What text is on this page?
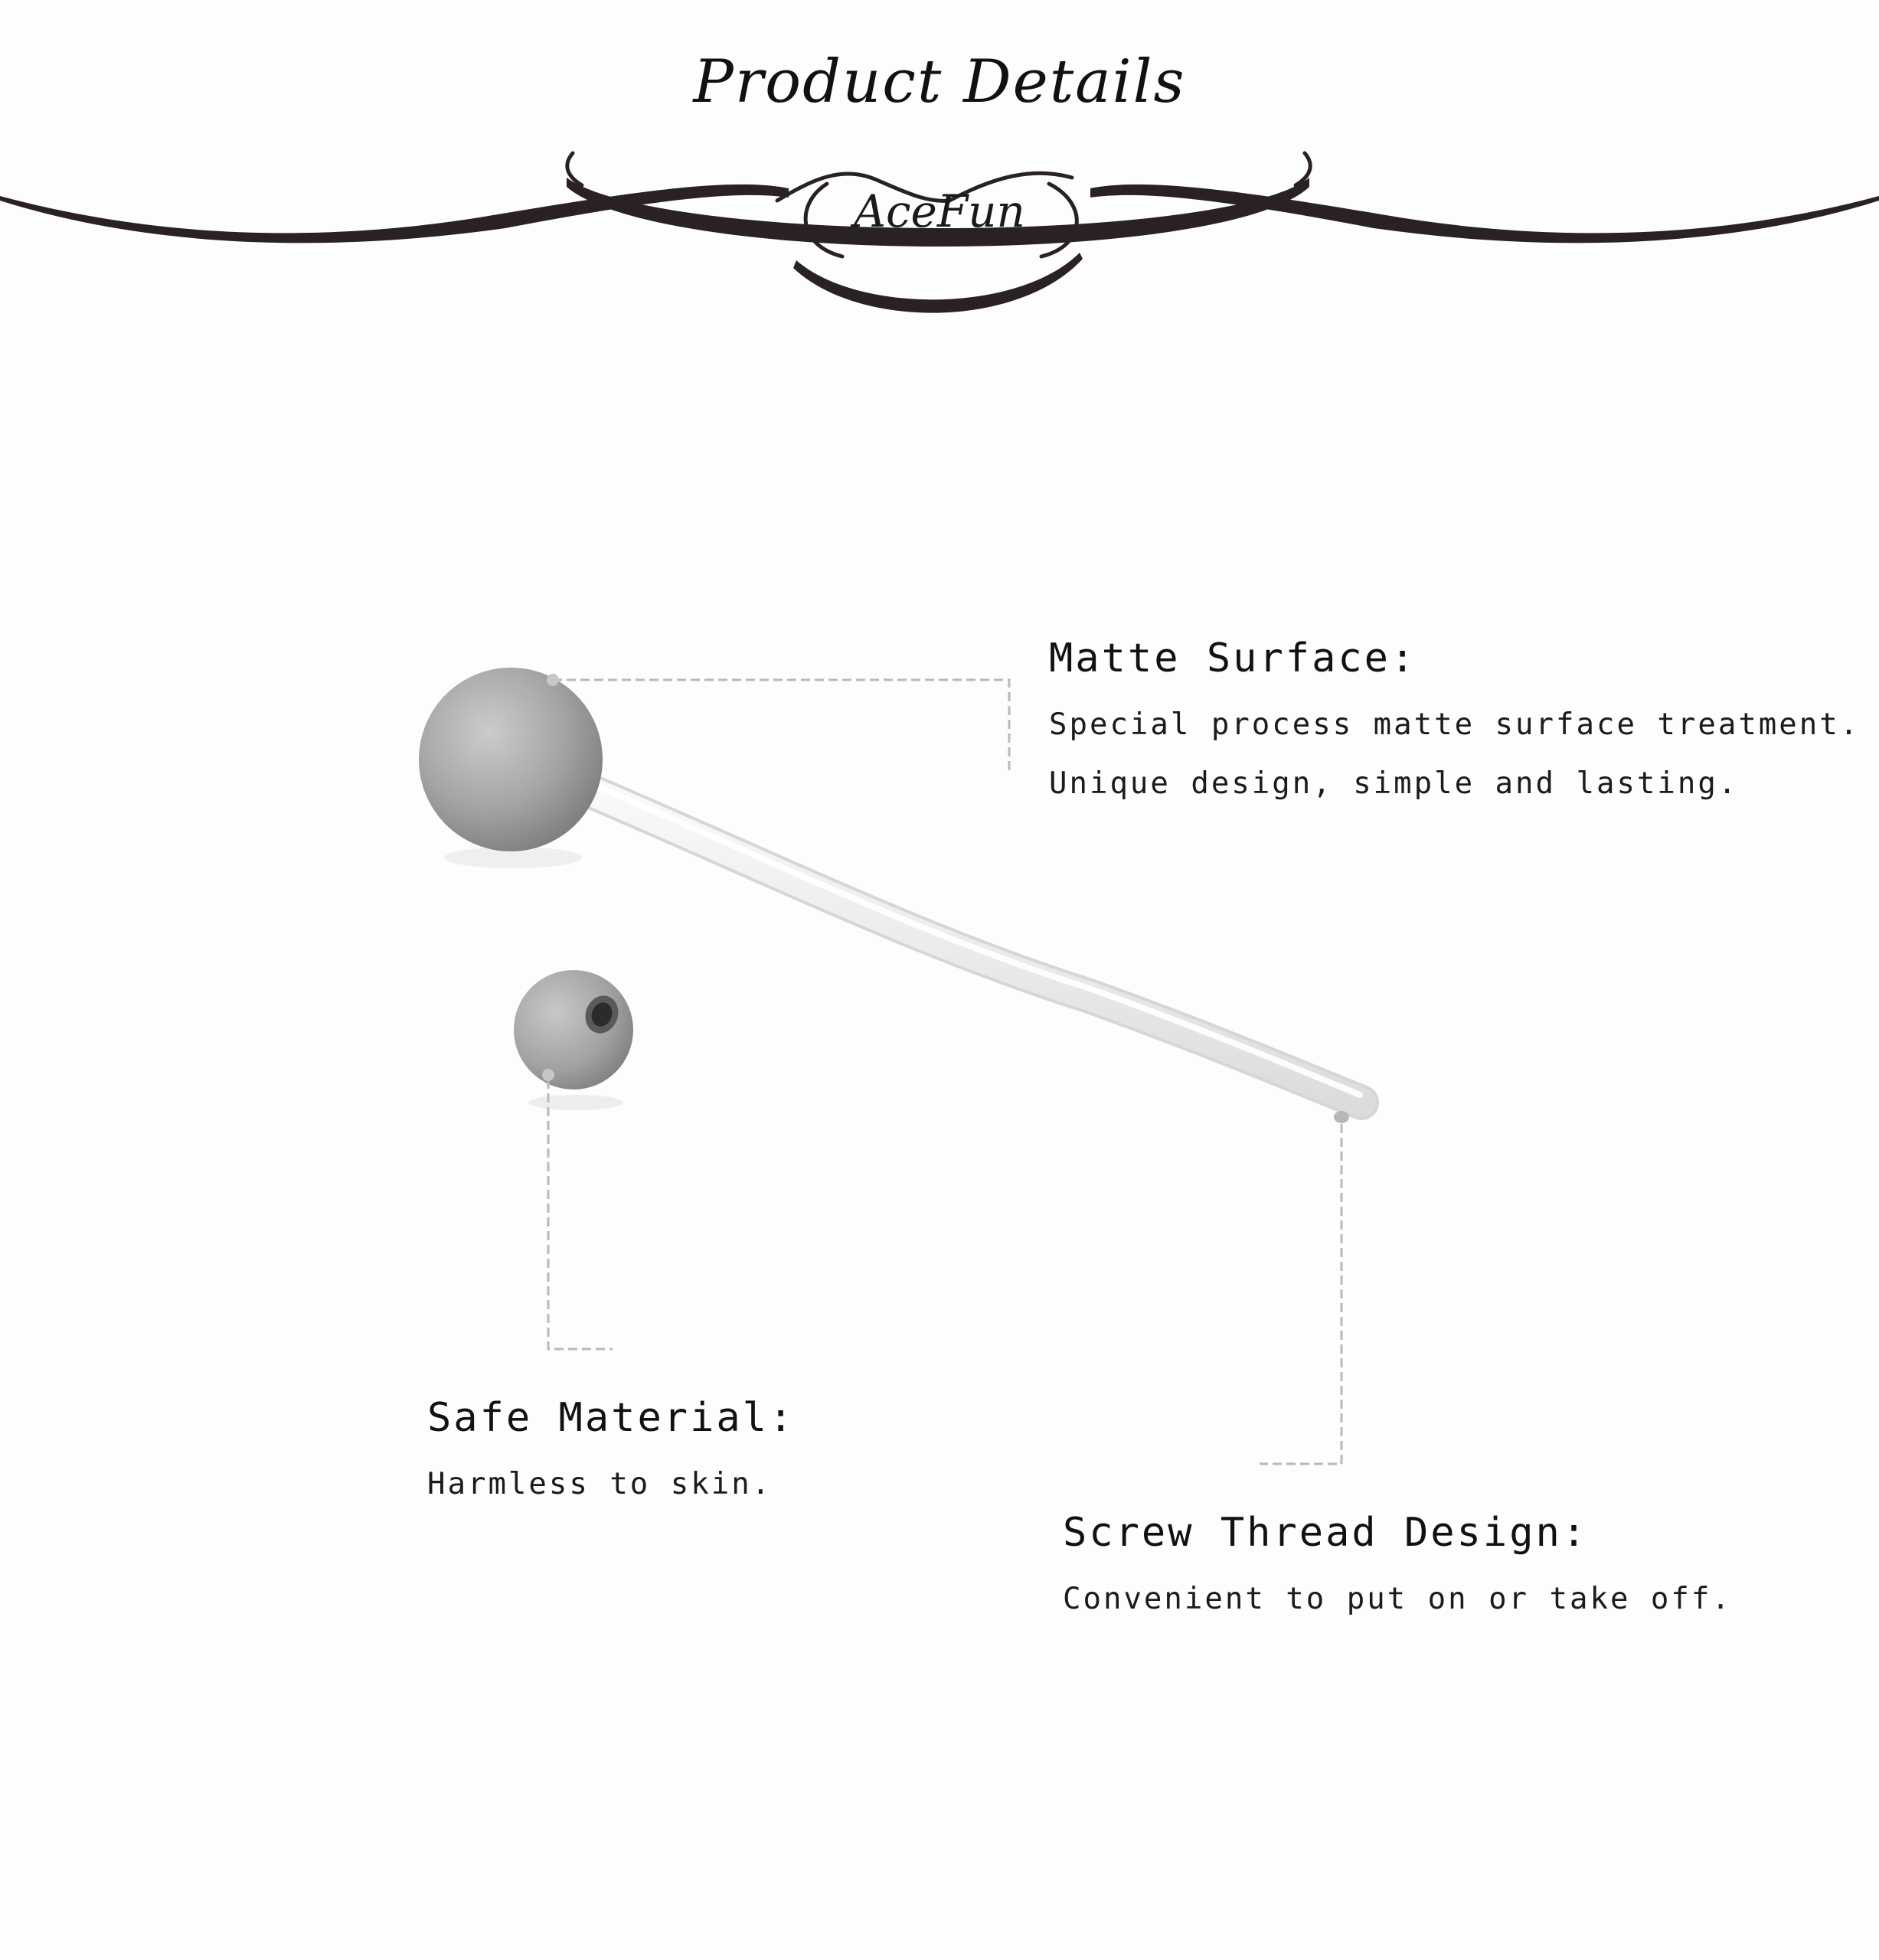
Product Details
AceFun
Matte Surface:
Special process matte surface treatment.
Unique design, simple and lasting.
Safe Material:
Harmless to skin.
Screw Thread Design:
Convenient to put on or take off.
